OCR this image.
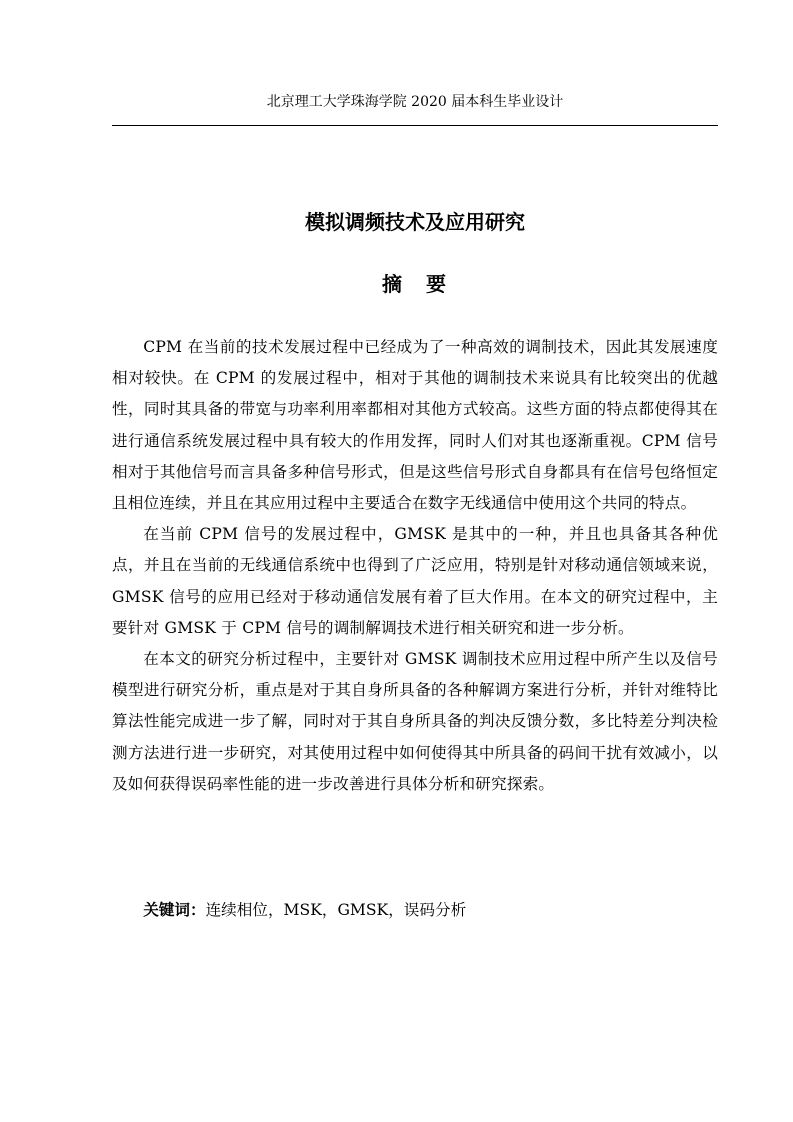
北京理工大学珠海学院 2020 届本科生毕业设计
模拟调频技术及应用研究
摘　要

CPM 在当前的技术发展过程中已经成为了一种高效的调制技术，因此其发展速度相对较快。在 CPM 的发展过程中，相对于其他的调制技术来说具有比较突出的优越性，同时其具备的带宽与功率利用率都相对其他方式较高。这些方面的特点都使得其在进行通信系统发展过程中具有较大的作用发挥，同时人们对其也逐渐重视。CPM 信号相对于其他信号而言具备多种信号形式，但是这些信号形式自身都具有在信号包络恒定且相位连续，并且在其应用过程中主要适合在数字无线通信中使用这个共同的特点。

在当前 CPM 信号的发展过程中，GMSK 是其中的一种，并且也具备其各种优点，并且在当前的无线通信系统中也得到了广泛应用，特别是针对移动通信领域来说，GMSK 信号的应用已经对于移动通信发展有着了巨大作用。在本文的研究过程中，主要针对 GMSK 于 CPM 信号的调制解调技术进行相关研究和进一步分析。

在本文的研究分析过程中，主要针对 GMSK 调制技术应用过程中所产生以及信号模型进行研究分析，重点是对于其自身所具备的各种解调方案进行分析，并针对维特比算法性能完成进一步了解，同时对于其自身所具备的判决反馈分数，多比特差分判决检测方法进行进一步研究，对其使用过程中如何使得其中所具备的码间干扰有效减小，以及如何获得误码率性能的进一步改善进行具体分析和研究探索。

关键词：连续相位，MSK，GMSK，误码分析
